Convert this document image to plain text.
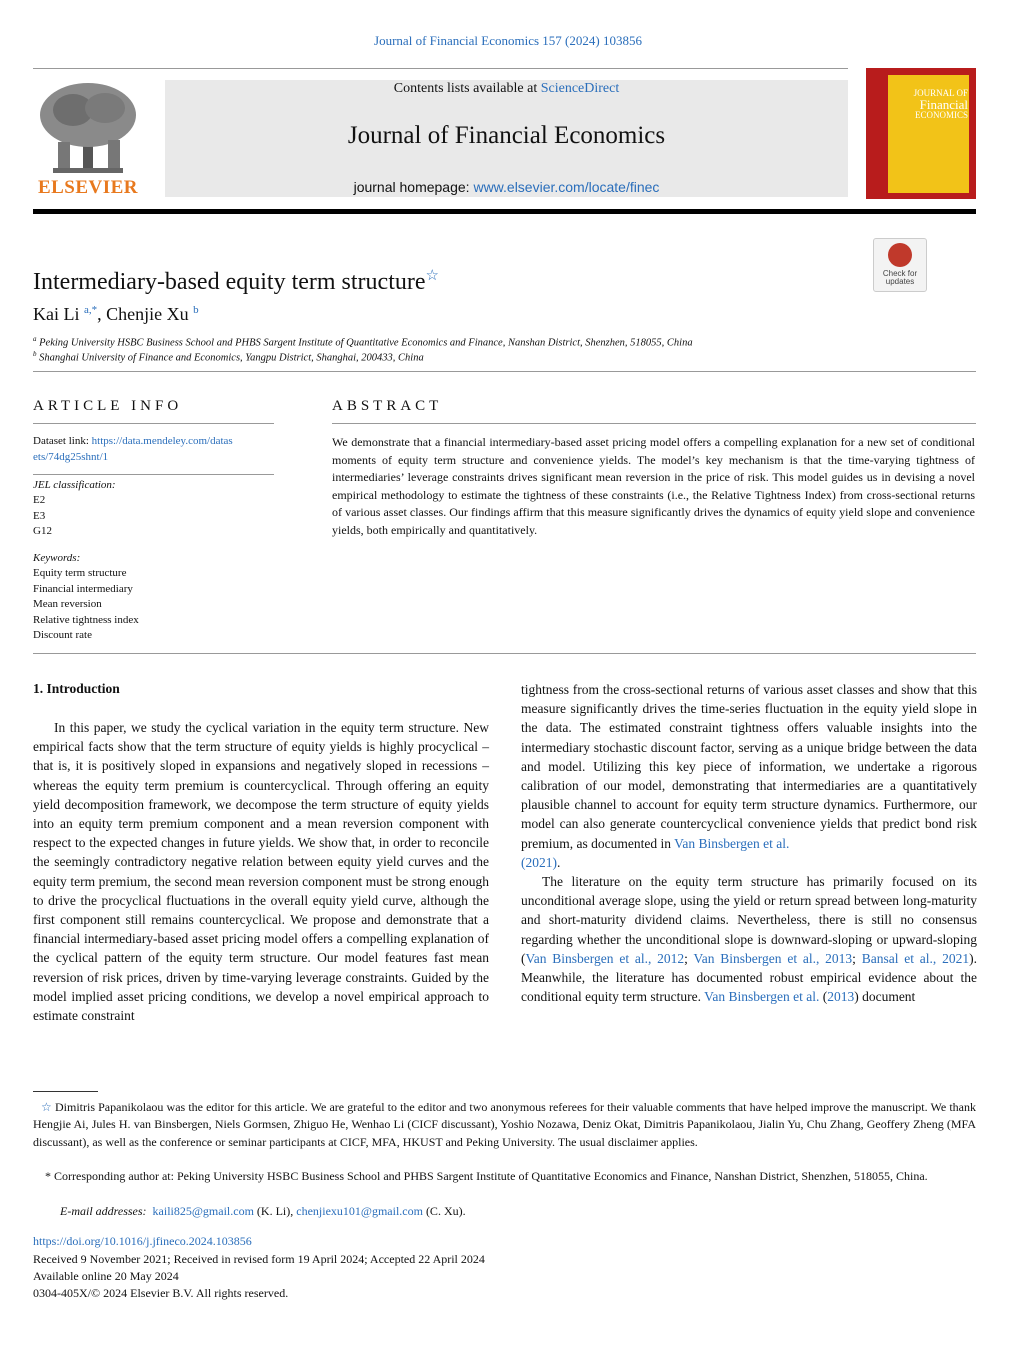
Journal of Financial Economics 157 (2024) 103856
ELSEVIER
Contents lists available at ScienceDirect
Journal of Financial Economics
journal homepage: www.elsevier.com/locate/finec
JOURNAL OF
Financial
ECONOMICS
Intermediary-based equity term structure☆	Check for updates
Kai Li $^{a,*}$, Chenjie Xu $^b$
$^a$ Peking University HSBC Business School and PHBS Sargent Institute of Quantitative Economics and Finance, Nanshan District, Shenzhen, 518055, China
$^b$ Shanghai University of Finance and Economics, Yangpu District, Shanghai, 200433, China
ARTICLE INFO
Dataset link: https://data.mendeley.com/datas
ets/74dg25shnt/1
JEL classification:
E2
E3
G12
Keywords:
Equity term structure
Financial intermediary
Mean reversion
Relative tightness index
Discount rate
ABSTRACT
We demonstrate that a financial intermediary-based asset pricing model offers a compelling explanation for a new set of conditional moments of equity term structure and convenience yields. The model’s key mechanism is that the time-varying tightness of intermediaries’ leverage constraints drives significant mean reversion in the price of risk. This model guides us in devising a novel empirical methodology to estimate the tightness of these constraints (i.e., the Relative Tightness Index) from cross-sectional returns of various asset classes. Our findings affirm that this measure significantly drives the dynamics of equity yield slope and convenience yields, both empirically and quantitatively.
1. Introduction

In this paper, we study the cyclical variation in the equity term structure. New empirical facts show that the term structure of equity yields is highly procyclical – that is, it is positively sloped in expansions and negatively sloped in recessions – whereas the equity term premium is countercyclical. Through offering an equity yield decomposition framework, we decompose the term structure of equity yields into an equity term premium component and a mean reversion component with respect to the expected changes in future yields. We show that, in order to reconcile the seemingly contradictory negative relation between equity yield curves and the equity term premium, the second mean reversion component must be strong enough to drive the procyclical fluctuations in the overall equity yield curve, although the first component still remains countercyclical. We propose and demonstrate that a financial intermediary-based asset pricing model offers a compelling explanation of the cyclical pattern of the equity term structure. Our model features fast mean reversion of risk prices, driven by time-varying leverage constraints. Guided by the model implied asset pricing conditions, we develop a novel empirical approach to estimate constraint

tightness from the cross-sectional returns of various asset classes and show that this measure significantly drives the time-series fluctuation in the equity yield slope in the data. The estimated constraint tightness offers valuable insights into the intermediary stochastic discount factor, serving as a unique bridge between the data and model. Utilizing this key piece of information, we undertake a rigorous calibration of our model, demonstrating that intermediaries are a quantitatively plausible channel to account for equity term structure dynamics. Furthermore, our model can also generate countercyclical convenience yields that predict bond risk premium, as documented in Van Binsbergen et al.
(2021).

The literature on the equity term structure has primarily focused on its unconditional average slope, using the yield or return spread between long-maturity and short-maturity dividend claims. Nevertheless, there is still no consensus regarding whether the unconditional slope is downward-sloping or upward-sloping (Van Binsbergen et al., 2012; Van Binsbergen et al., 2013; Bansal et al., 2021). Meanwhile, the literature has documented robust empirical evidence about the conditional equity term structure. Van Binsbergen et al. (2013) document

☆ Dimitris Papanikolaou was the editor for this article. We are grateful to the editor and two anonymous referees for their valuable comments that have helped improve the manuscript. We thank Hengjie Ai, Jules H. van Binsbergen, Niels Gormsen, Zhiguo He, Wenhao Li (CICF discussant), Yoshio Nozawa, Deniz Okat, Dimitris Papanikolaou, Jialin Yu, Chu Zhang, Geoffery Zheng (MFA discussant), as well as the conference or seminar participants at CICF, MFA, HKUST and Peking University. The usual disclaimer applies.
* Corresponding author at: Peking University HSBC Business School and PHBS Sargent Institute of Quantitative Economics and Finance, Nanshan District, Shenzhen, 518055, China.
E-mail addresses: kaili825@gmail.com (K. Li), chenjiexu101@gmail.com (C. Xu).
https://doi.org/10.1016/j.jfineco.2024.103856
Received 9 November 2021; Received in revised form 19 April 2024; Accepted 22 April 2024
Available online 20 May 2024
0304-405X/© 2024 Elsevier B.V. All rights reserved.
